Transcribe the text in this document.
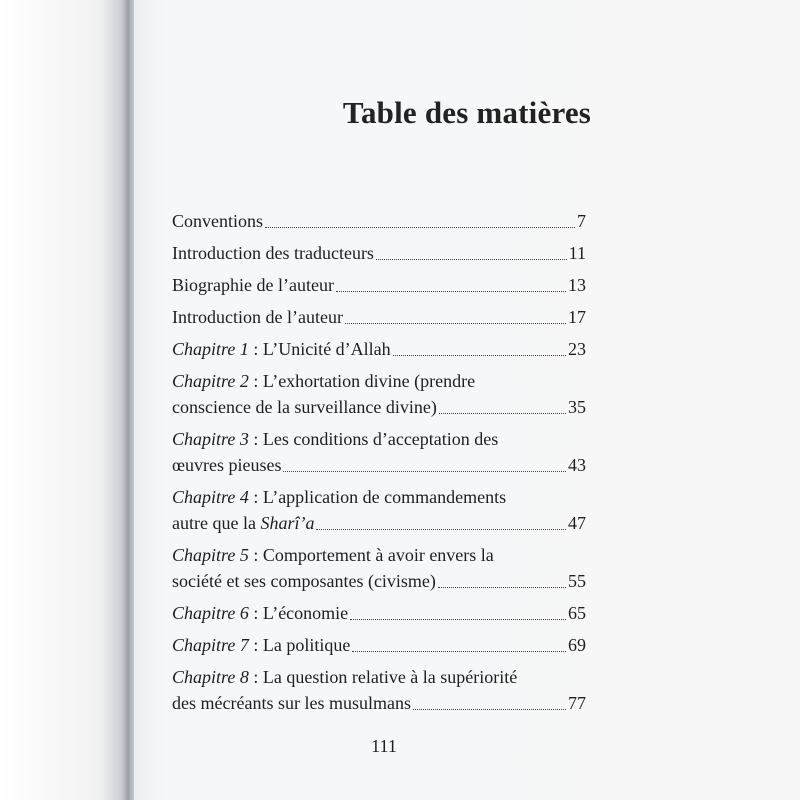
Table des matières
Conventions	7
Introduction des traducteurs	11
Biographie de l’auteur	13
Introduction de l’auteur	17
Chapitre 1 : L’Unicité d’Allah	23
Chapitre 2 : L’exhortation divine (prendre
conscience de la surveillance divine)	35
Chapitre 3 : Les conditions d’acceptation des
œuvres pieuses	43
Chapitre 4 : L’application de commandements
autre que la Sharî’a	47
Chapitre 5 : Comportement à avoir envers la
société et ses composantes (civisme)	55
Chapitre 6 : L’économie	65
Chapitre 7 : La politique	69
Chapitre 8 : La question relative à la supériorité
des mécréants sur les musulmans	77
111
